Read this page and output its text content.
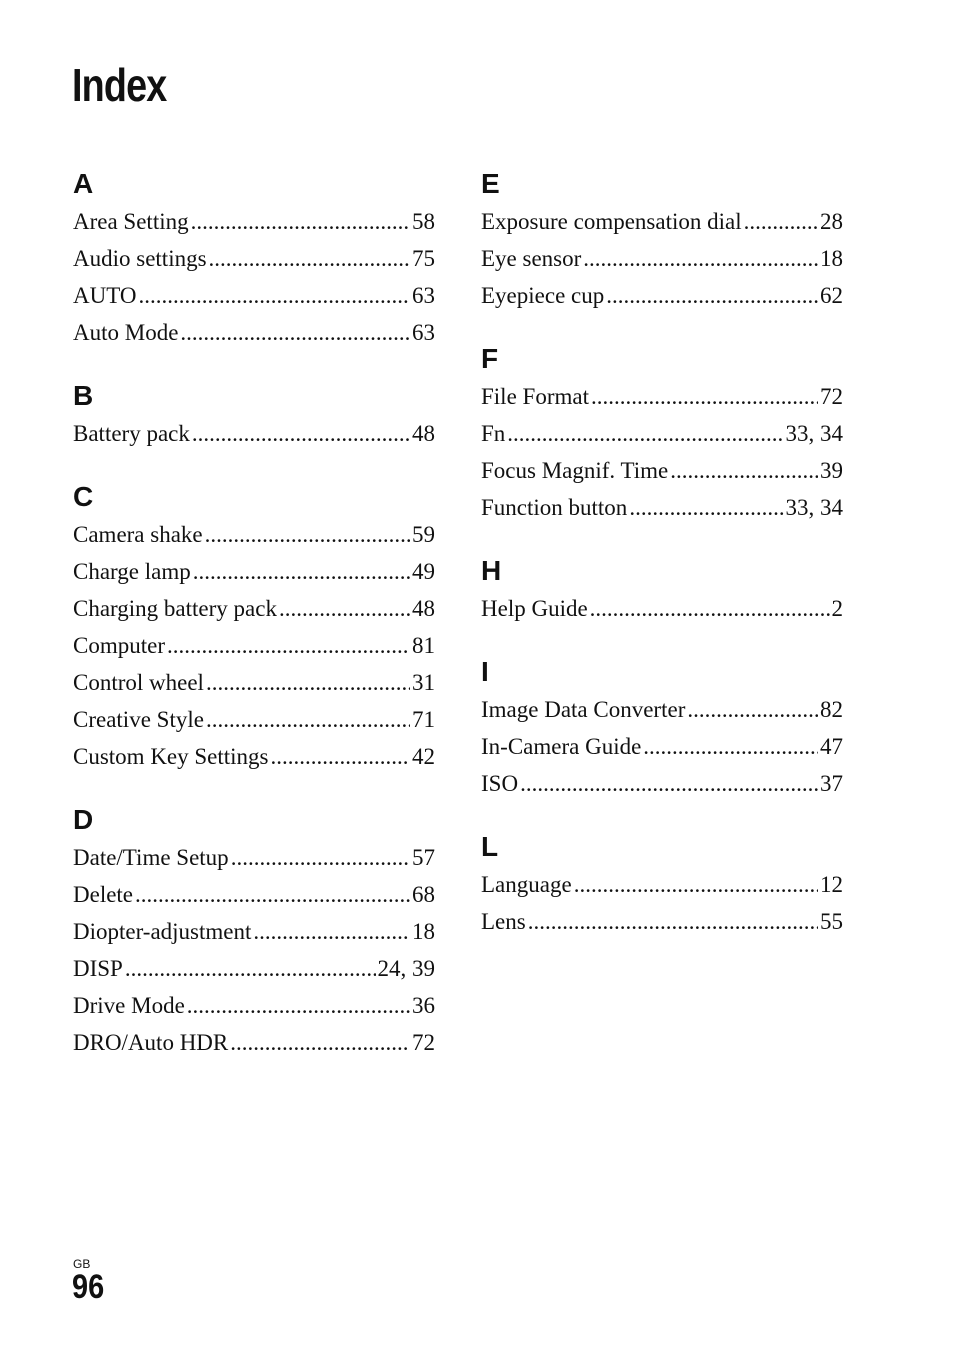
Index
A
Area Setting .....	58
Audio settings .....	75
AUTO .....	63
Auto Mode .....	63
B
Battery pack .....	48
C
Camera shake .....	59
Charge lamp .....	49
Charging battery pack .....	48
Computer .....	81
Control wheel .....	31
Creative Style .....	71
Custom Key Settings .....	42
D
Date/Time Setup .....	57
Delete .....	68
Diopter-adjustment .....	18
DISP .....	24, 39
Drive Mode .....	36
DRO/Auto HDR .....	72
E
Exposure compensation dial .....	28
Eye sensor .....	18
Eyepiece cup .....	62
F
File Format .....	72
Fn .....	33, 34
Focus Magnif. Time .....	39
Function button .....	33, 34
H
Help Guide .....	2
I
Image Data Converter .....	82
In-Camera Guide .....	47
ISO .....	37
L
Language .....	12
Lens .....	55
GB
96
